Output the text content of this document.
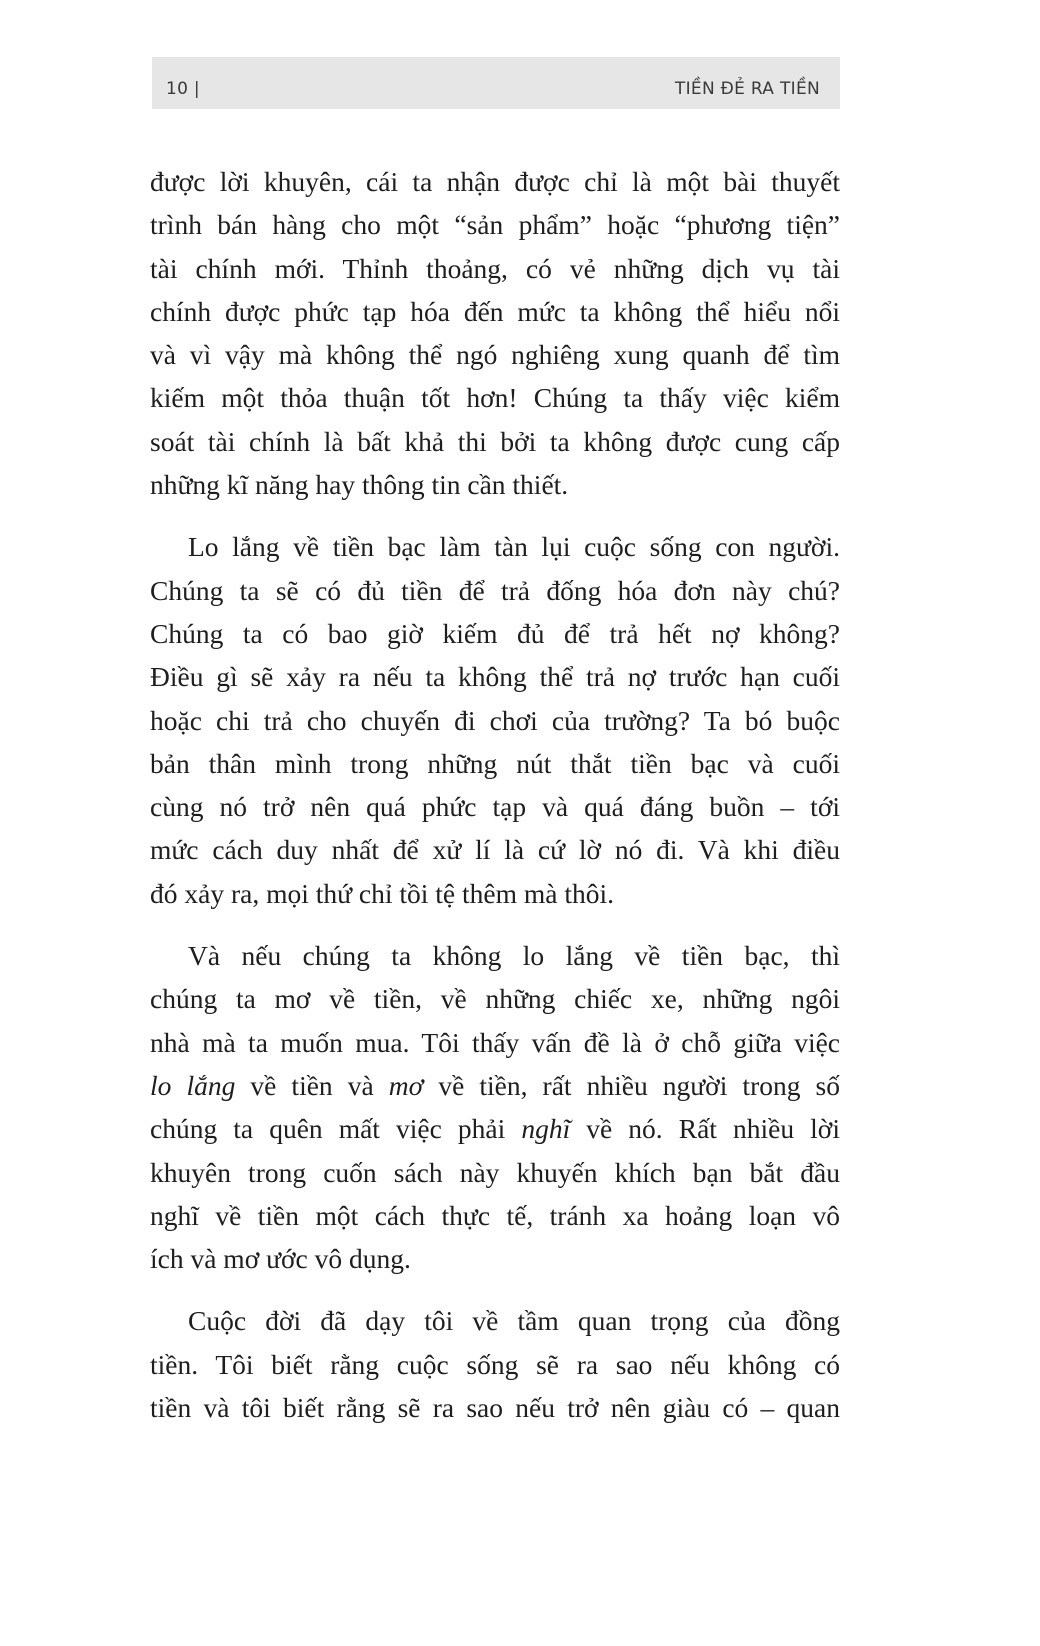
10 |	TIỀN ĐẺ RA TIỀN

được lời khuyên, cái ta nhận được chỉ là một bài thuyết
trình bán hàng cho một “sản phẩm” hoặc “phương tiện”
tài chính mới. Thỉnh thoảng, có vẻ những dịch vụ tài
chính được phức tạp hóa đến mức ta không thể hiểu nổi
và vì vậy mà không thể ngó nghiêng xung quanh để tìm
kiếm một thỏa thuận tốt hơn! Chúng ta thấy việc kiểm
soát tài chính là bất khả thi bởi ta không được cung cấp
những kĩ năng hay thông tin cần thiết.

Lo lắng về tiền bạc làm tàn lụi cuộc sống con người.
Chúng ta sẽ có đủ tiền để trả đống hóa đơn này chú?
Chúng ta có bao giờ kiếm đủ để trả hết nợ không?
Điều gì sẽ xảy ra nếu ta không thể trả nợ trước hạn cuối
hoặc chi trả cho chuyến đi chơi của trường? Ta bó buộc
bản thân mình trong những nút thắt tiền bạc và cuối
cùng nó trở nên quá phức tạp và quá đáng buồn – tới
mức cách duy nhất để xử lí là cứ lờ nó đi. Và khi điều
đó xảy ra, mọi thứ chỉ tồi tệ thêm mà thôi.

Và nếu chúng ta không lo lắng về tiền bạc, thì
chúng ta mơ về tiền, về những chiếc xe, những ngôi
nhà mà ta muốn mua. Tôi thấy vấn đề là ở chỗ giữa việc
lo lắng về tiền và mơ về tiền, rất nhiều người trong số
chúng ta quên mất việc phải nghĩ về nó. Rất nhiều lời
khuyên trong cuốn sách này khuyến khích bạn bắt đầu
nghĩ về tiền một cách thực tế, tránh xa hoảng loạn vô
ích và mơ ước vô dụng.

Cuộc đời đã dạy tôi về tầm quan trọng của đồng
tiền. Tôi biết rằng cuộc sống sẽ ra sao nếu không có
tiền và tôi biết rằng sẽ ra sao nếu trở nên giàu có – quan
